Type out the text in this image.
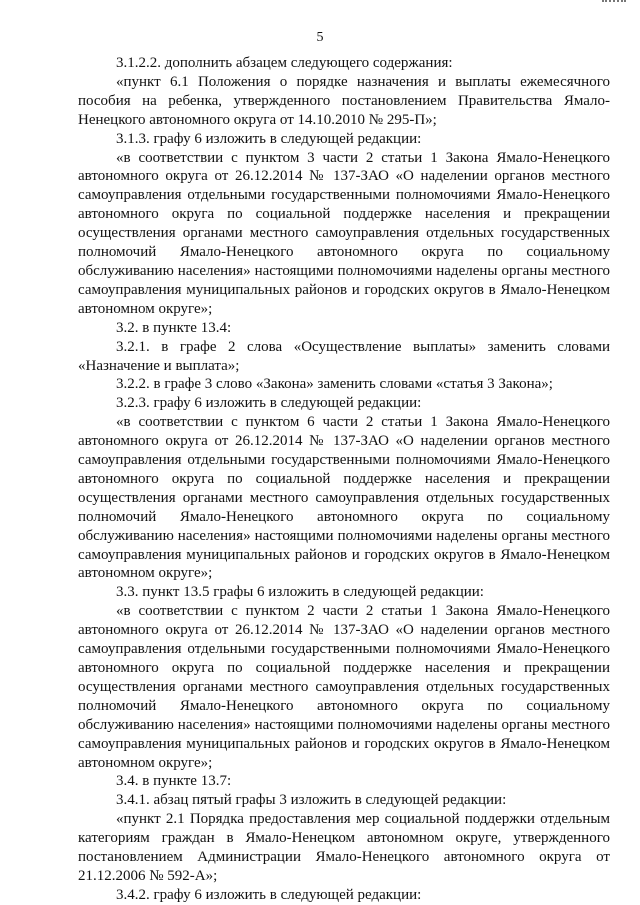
5

3.1.2.2. дополнить абзацем следующего содержания:

«пункт 6.1 Положения о порядке назначения и выплаты ежемесячного пособия на ребенка, утвержденного постановлением Правительства Ямало-Ненецкого автономного округа от 14.10.2010 № 295-П»;

3.1.3. графу 6 изложить в следующей редакции:

«в соответствии с пунктом 3 части 2 статьи 1 Закона Ямало-Ненецкого автономного округа от 26.12.2014 № 137-ЗАО «О наделении органов местного самоуправления отдельными государственными полномочиями Ямало-Ненецкого автономного округа по социальной поддержке населения и прекращении осуществления органами местного самоуправления отдельных государственных полномочий Ямало-Ненецкого автономного округа по социальному обслуживанию населения» настоящими полномочиями наделены органы местного самоуправления муниципальных районов и городских округов в Ямало-Ненецком автономном округе»;

3.2. в пункте 13.4:

3.2.1. в графе 2 слова «Осуществление выплаты» заменить словами «Назначение и выплата»;

3.2.2. в графе 3 слово «Закона» заменить словами «статья 3 Закона»;

3.2.3. графу 6 изложить в следующей редакции:

«в соответствии с пунктом 6 части 2 статьи 1 Закона Ямало-Ненецкого автономного округа от 26.12.2014 № 137-ЗАО «О наделении органов местного самоуправления отдельными государственными полномочиями Ямало-Ненецкого автономного округа по социальной поддержке населения и прекращении осуществления органами местного самоуправления отдельных государственных полномочий Ямало-Ненецкого автономного округа по социальному обслуживанию населения» настоящими полномочиями наделены органы местного самоуправления муниципальных районов и городских округов в Ямало-Ненецком автономном округе»;

3.3. пункт 13.5 графы 6 изложить в следующей редакции:

«в соответствии с пунктом 2 части 2 статьи 1 Закона Ямало-Ненецкого автономного округа от 26.12.2014 № 137-ЗАО «О наделении органов местного самоуправления отдельными государственными полномочиями Ямало-Ненецкого автономного округа по социальной поддержке населения и прекращении осуществления органами местного самоуправления отдельных государственных полномочий Ямало-Ненецкого автономного округа по социальному обслуживанию населения» настоящими полномочиями наделены органы местного самоуправления муниципальных районов и городских округов в Ямало-Ненецком автономном округе»;

3.4. в пункте 13.7:

3.4.1. абзац пятый графы 3 изложить в следующей редакции:

«пункт 2.1 Порядка предоставления мер социальной поддержки отдельным категориям граждан в Ямало-Ненецком автономном округе, утвержденного постановлением Администрации Ямало-Ненецкого автономного округа от 21.12.2006 № 592-А»;

3.4.2. графу 6 изложить в следующей редакции:
